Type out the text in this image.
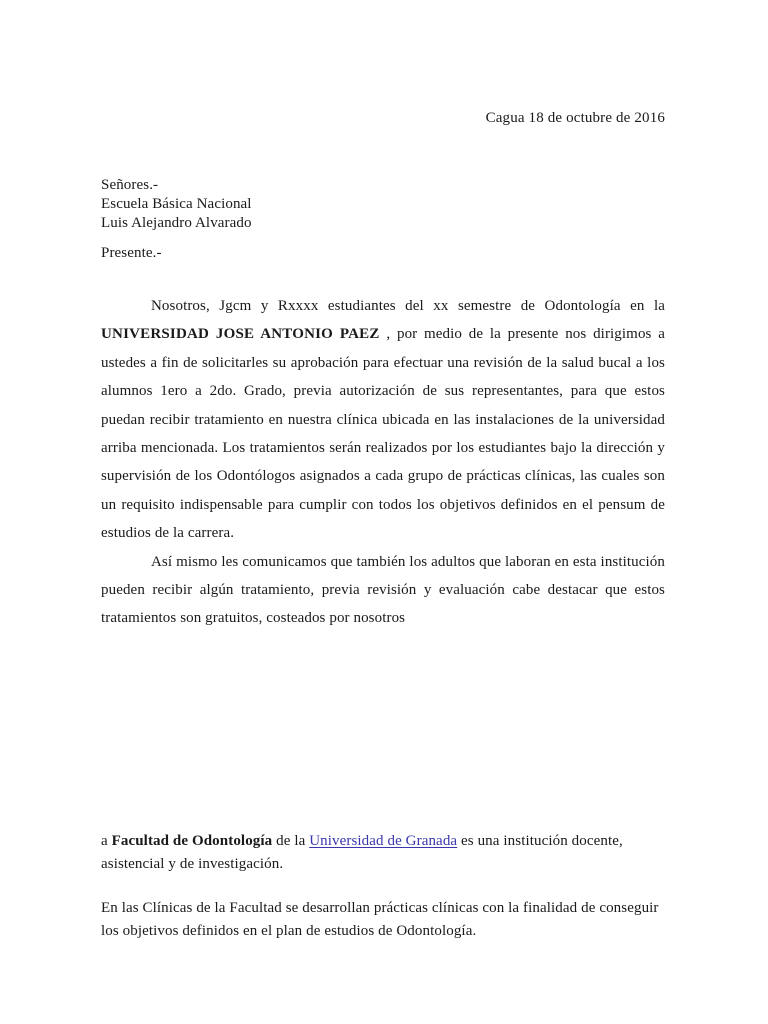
Cagua 18 de octubre de 2016
Señores.-
Escuela Básica Nacional
Luis Alejandro Alvarado
Presente.-

Nosotros, Jgcm y Rxxxx estudiantes del xx semestre de Odontología en la UNIVERSIDAD JOSE ANTONIO PAEZ , por medio de la presente nos dirigimos a ustedes a fin de solicitarles su aprobación para efectuar una revisión de la salud bucal a los alumnos 1ero a 2do. Grado, previa autorización de sus representantes, para que estos puedan recibir tratamiento en nuestra clínica ubicada en las instalaciones de la universidad arriba mencionada. Los tratamientos serán realizados por los estudiantes bajo la dirección y supervisión de los Odontólogos asignados a cada grupo de prácticas clínicas, las cuales son un requisito indispensable para cumplir con todos los objetivos definidos en el pensum de estudios de la carrera.

Así mismo les comunicamos que también los adultos que laboran en esta institución pueden recibir algún tratamiento, previa revisión y evaluación cabe destacar que estos tratamientos son gratuitos, costeados por nosotros

a Facultad de Odontología de la Universidad de Granada es una institución docente, asistencial y de investigación.

En las Clínicas de la Facultad se desarrollan prácticas clínicas con la finalidad de conseguir los objetivos definidos en el plan de estudios de Odontología.
